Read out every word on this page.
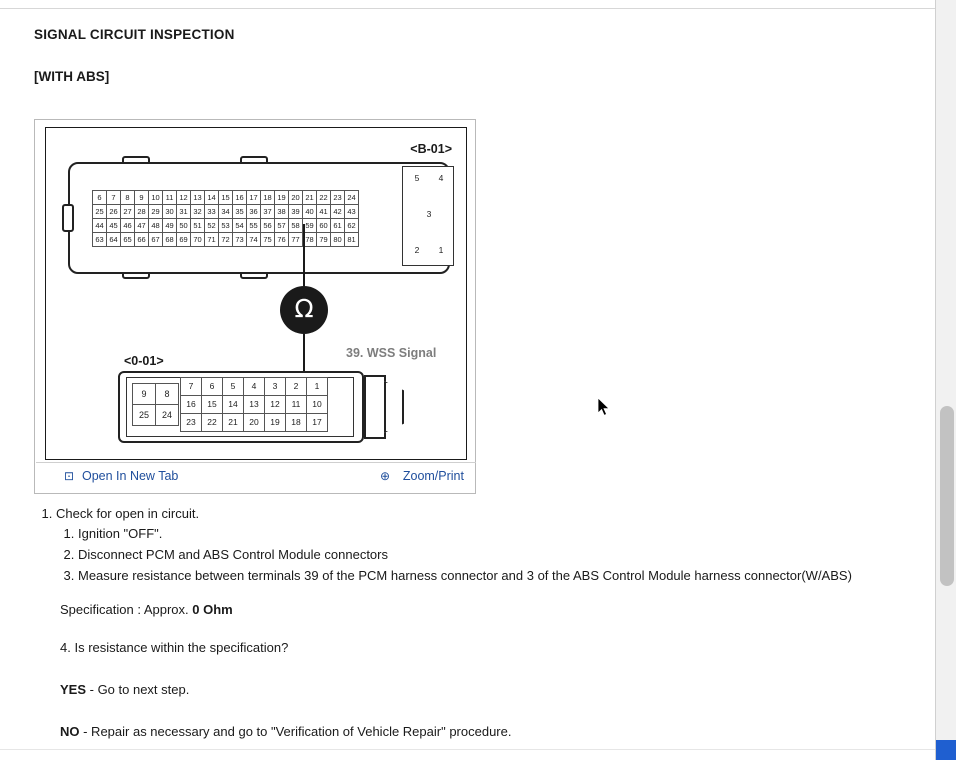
SIGNAL CIRCUIT INSPECTION
[WITH ABS]
<B-01>
6	7	8	9	10	11	12	13	14	15	16	17	18	19	20	21	22	23	24
25	26	27	28	29	30	31	32	33	34	35	36	37	38	39	40	41	42	43
44	45	46	47	48	49	50	51	52	53	54	55	56	57	58	59	60	61	62
63	64	65	66	67	68	69	70	71	72	73	74	75	76	77	78	79	80	81
5	4
3
2	1
Ω
39. WSS Signal
<0-01>
9	8
25	24
7	6	5	4	3	2	1
16	15	14	13	12	11	10
23	22	21	20	19	18	17
⊡ Open In New Tab	⊕ Zoom/Print
1. Check for open in circuit.
1. Ignition "OFF".
2. Disconnect PCM and ABS Control Module connectors
3. Measure resistance between terminals 39 of the PCM harness connector and 3 of the ABS Control Module harness connector(W/ABS)
Specification : Approx. 0 Ohm
4. Is resistance within the specification?
YES - Go to next step.
NO - Repair as necessary and go to "Verification of Vehicle Repair" procedure.
